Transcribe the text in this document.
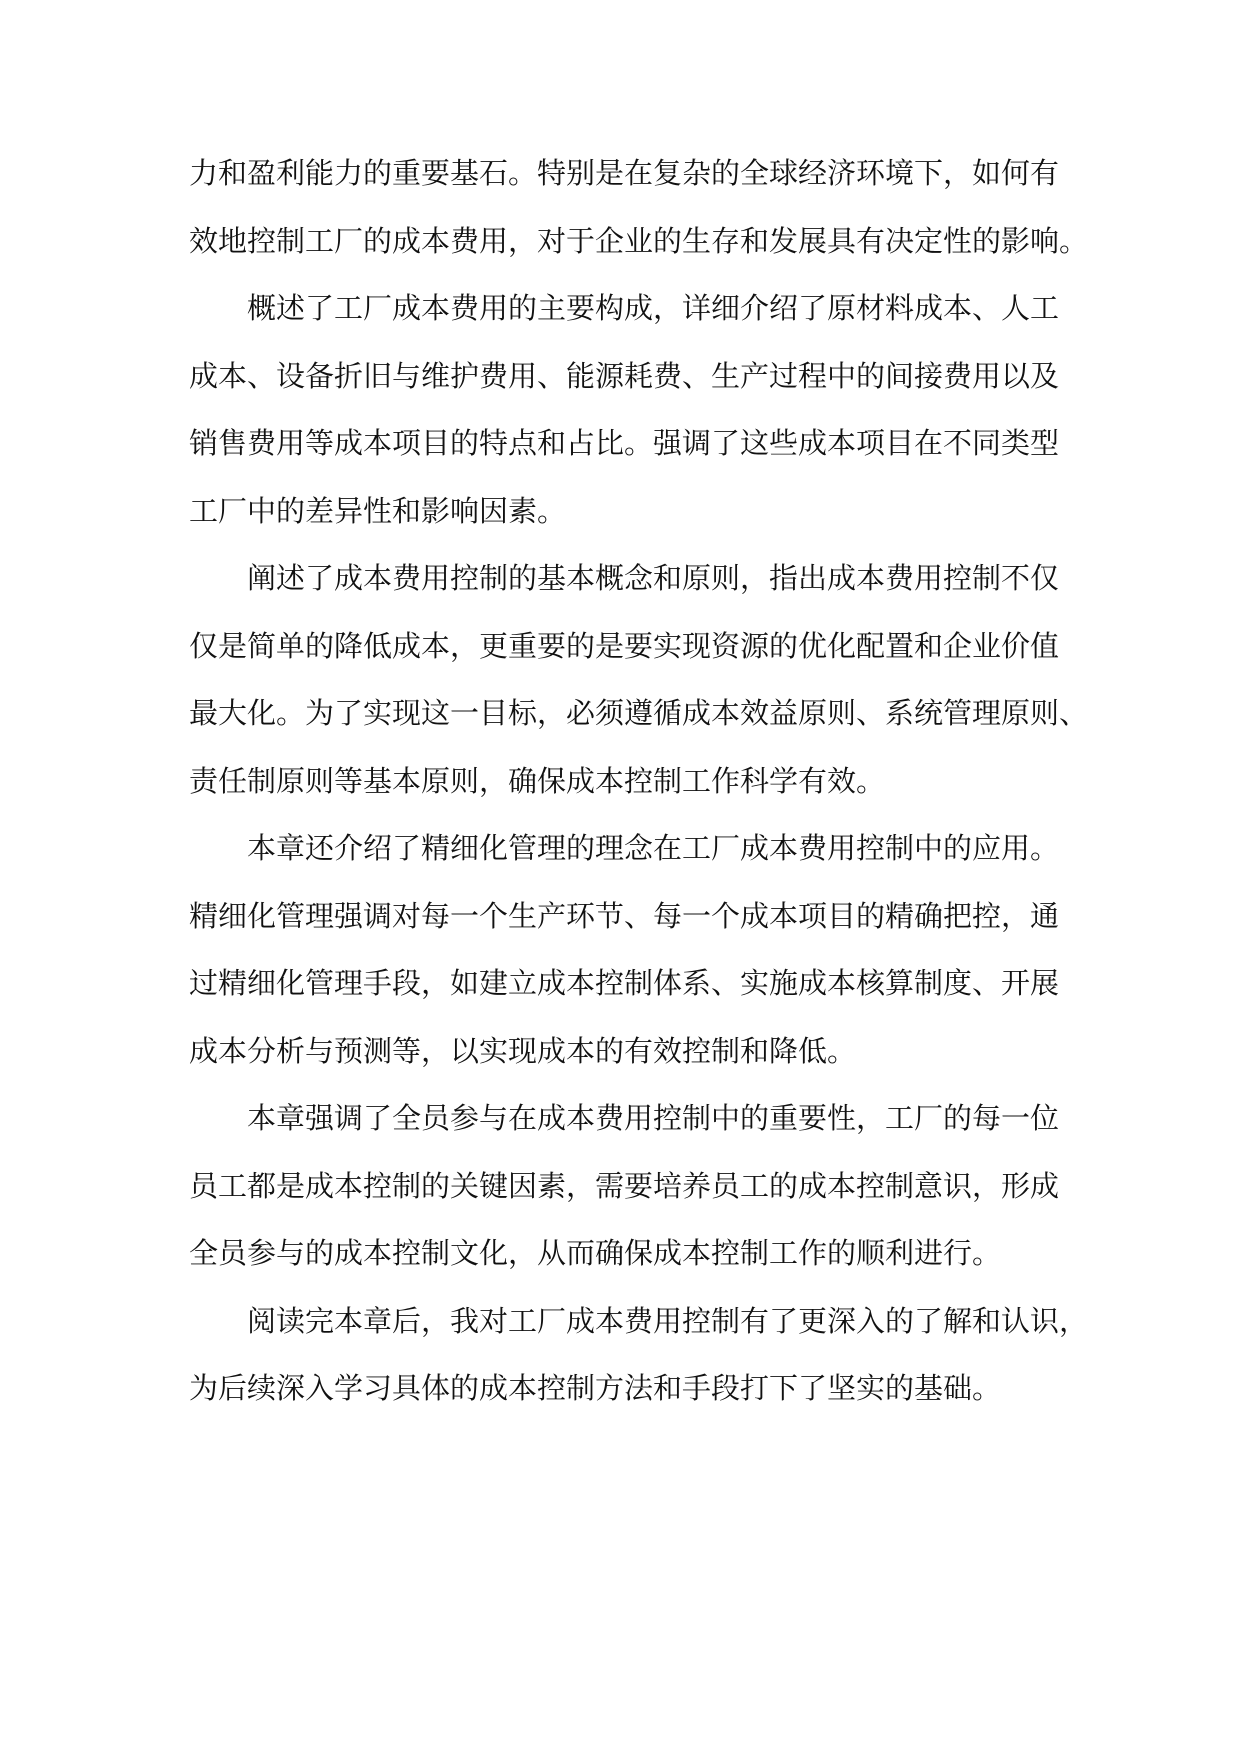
力和盈利能力的重要基石。特别是在复杂的全球经济环境下，如何有
效地控制工厂的成本费用，对于企业的生存和发展具有决定性的影响。
概述了工厂成本费用的主要构成，详细介绍了原材料成本、人工
成本、设备折旧与维护费用、能源耗费、生产过程中的间接费用以及
销售费用等成本项目的特点和占比。强调了这些成本项目在不同类型
工厂中的差异性和影响因素。
阐述了成本费用控制的基本概念和原则，指出成本费用控制不仅
仅是简单的降低成本，更重要的是要实现资源的优化配置和企业价值
最大化。为了实现这一目标，必须遵循成本效益原则、系统管理原则、
责任制原则等基本原则，确保成本控制工作科学有效。
本章还介绍了精细化管理的理念在工厂成本费用控制中的应用。
精细化管理强调对每一个生产环节、每一个成本项目的精确把控，通
过精细化管理手段，如建立成本控制体系、实施成本核算制度、开展
成本分析与预测等，以实现成本的有效控制和降低。
本章强调了全员参与在成本费用控制中的重要性，工厂的每一位
员工都是成本控制的关键因素，需要培养员工的成本控制意识，形成
全员参与的成本控制文化，从而确保成本控制工作的顺利进行。
阅读完本章后，我对工厂成本费用控制有了更深入的了解和认识，
为后续深入学习具体的成本控制方法和手段打下了坚实的基础。
